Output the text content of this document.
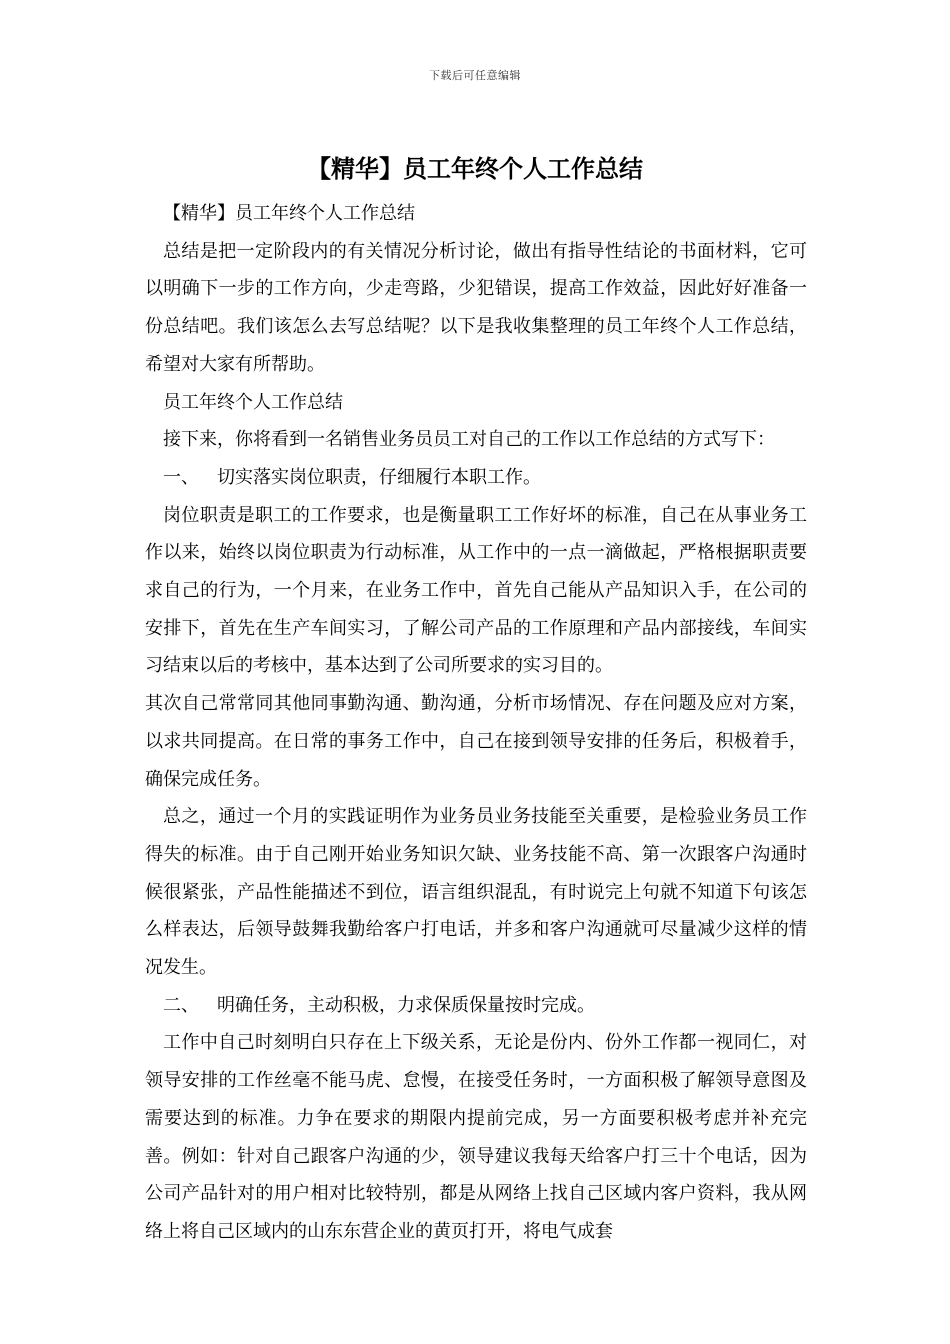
下载后可任意编辑
【精华】员工年终个人工作总结

【精华】员工年终个人工作总结

总结是把一定阶段内的有关情况分析讨论，做出有指导性结论的书面材料，它可以明确下一步的工作方向，少走弯路，少犯错误，提高工作效益，因此好好准备一份总结吧。我们该怎么去写总结呢？以下是我收集整理的员工年终个人工作总结，希望对大家有所帮助。

员工年终个人工作总结

接下来，你将看到一名销售业务员员工对自己的工作以工作总结的方式写下：

一、 切实落实岗位职责，仔细履行本职工作。

岗位职责是职工的工作要求，也是衡量职工工作好坏的标准，自己在从事业务工作以来，始终以岗位职责为行动标准，从工作中的一点一滴做起，严格根据职责要求自己的行为，一个月来，在业务工作中，首先自己能从产品知识入手，在公司的安排下，首先在生产车间实习，了解公司产品的工作原理和产品内部接线，车间实习结束以后的考核中，基本达到了公司所要求的实习目的。

其次自己常常同其他同事勤沟通、勤沟通，分析市场情况、存在问题及应对方案，以求共同提高。在日常的事务工作中，自己在接到领导安排的任务后，积极着手，确保完成任务。

总之，通过一个月的实践证明作为业务员业务技能至关重要，是检验业务员工作得失的标准。由于自己刚开始业务知识欠缺、业务技能不高、第一次跟客户沟通时候很紧张，产品性能描述不到位，语言组织混乱，有时说完上句就不知道下句该怎么样表达，后领导鼓舞我勤给客户打电话，并多和客户沟通就可尽量减少这样的情况发生。

二、 明确任务，主动积极，力求保质保量按时完成。

工作中自己时刻明白只存在上下级关系，无论是份内、份外工作都一视同仁，对领导安排的工作丝毫不能马虎、怠慢，在接受任务时，一方面积极了解领导意图及需要达到的标准。力争在要求的期限内提前完成，另一方面要积极考虑并补充完善。例如：针对自己跟客户沟通的少，领导建议我每天给客户打三十个电话，因为公司产品针对的用户相对比较特别，都是从网络上找自己区域内客户资料，我从网络上将自己区域内的山东东营企业的黄页打开，将电气成套
